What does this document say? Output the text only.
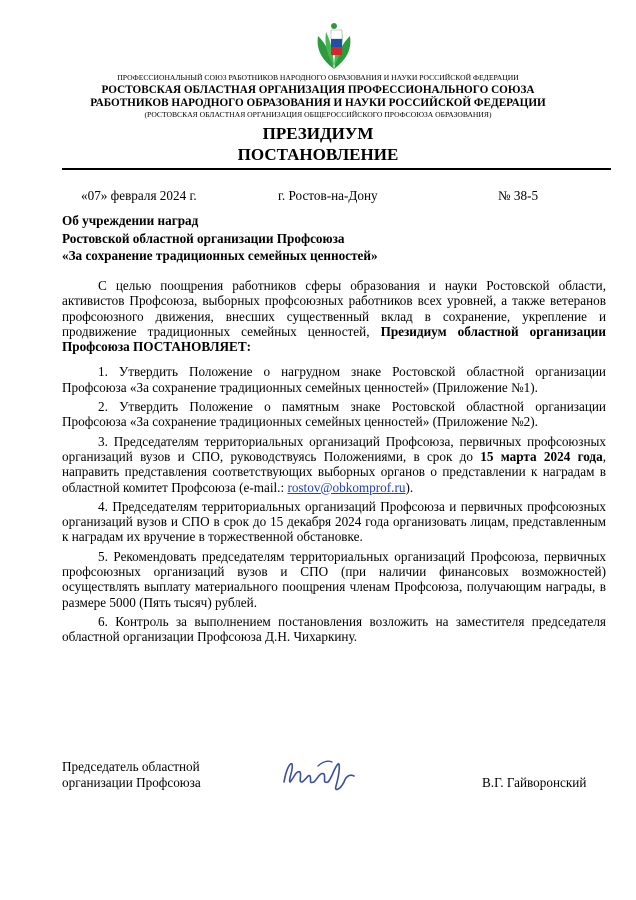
ПРОФЕССИОНАЛЬНЫЙ СОЮЗ РАБОТНИКОВ НАРОДНОГО ОБРАЗОВАНИЯ И НАУКИ РОССИЙСКОЙ ФЕДЕРАЦИИ
РОСТОВСКАЯ ОБЛАСТНАЯ ОРГАНИЗАЦИЯ ПРОФЕССИОНАЛЬНОГО СОЮЗА
РАБОТНИКОВ НАРОДНОГО ОБРАЗОВАНИЯ И НАУКИ РОССИЙСКОЙ ФЕДЕРАЦИИ
(РОСТОВСКАЯ ОБЛАСТНАЯ ОРГАНИЗАЦИЯ ОБЩЕРОССИЙСКОГО ПРОФСОЮЗА ОБРАЗОВАНИЯ)
ПРЕЗИДИУМ
ПОСТАНОВЛЕНИЕ
«07» февраля 2024 г.	г. Ростов-на-Дону	№ 38-5
Об учреждении наград
Ростовской областной организации Профсоюза
«За сохранение традиционных семейных ценностей»

С целью поощрения работников сферы образования и науки Ростовской области, активистов Профсоюза, выборных профсоюзных работников всех уровней, а также ветеранов профсоюзного движения, внесших существенный вклад в сохранение, укрепление и продвижение традиционных семейных ценностей, Президиум областной организации Профсоюза ПОСТАНОВЛЯЕТ:

1. Утвердить Положение о нагрудном знаке Ростовской областной организации Профсоюза «За сохранение традиционных семейных ценностей» (Приложение №1).

2. Утвердить Положение о памятным знаке Ростовской областной организации Профсоюза «За сохранение традиционных семейных ценностей» (Приложение №2).

3. Председателям территориальных организаций Профсоюза, первичных профсоюзных организаций вузов и СПО, руководствуясь Положениями, в срок до 15 марта 2024 года, направить представления соответствующих выборных органов о представлении к наградам в областной комитет Профсоюза (e-mail.: rostov@obkomprof.ru).

4. Председателям территориальных организаций Профсоюза и первичных профсоюзных организаций вузов и СПО в срок до 15 декабря 2024 года организовать лицам, представленным к наградам их вручение в торжественной обстановке.

5. Рекомендовать председателям территориальных организаций Профсоюза, первичных профсоюзных организаций вузов и СПО (при наличии финансовых возможностей) осуществлять выплату материального поощрения членам Профсоюза, получающим награды, в размере 5000 (Пять тысяч) рублей.

6. Контроль за выполнением постановления возложить на заместителя председателя областной организации Профсоюза Д.Н. Чихаркину.

Председатель областной
организации Профсоюза	В.Г. Гайворонский
